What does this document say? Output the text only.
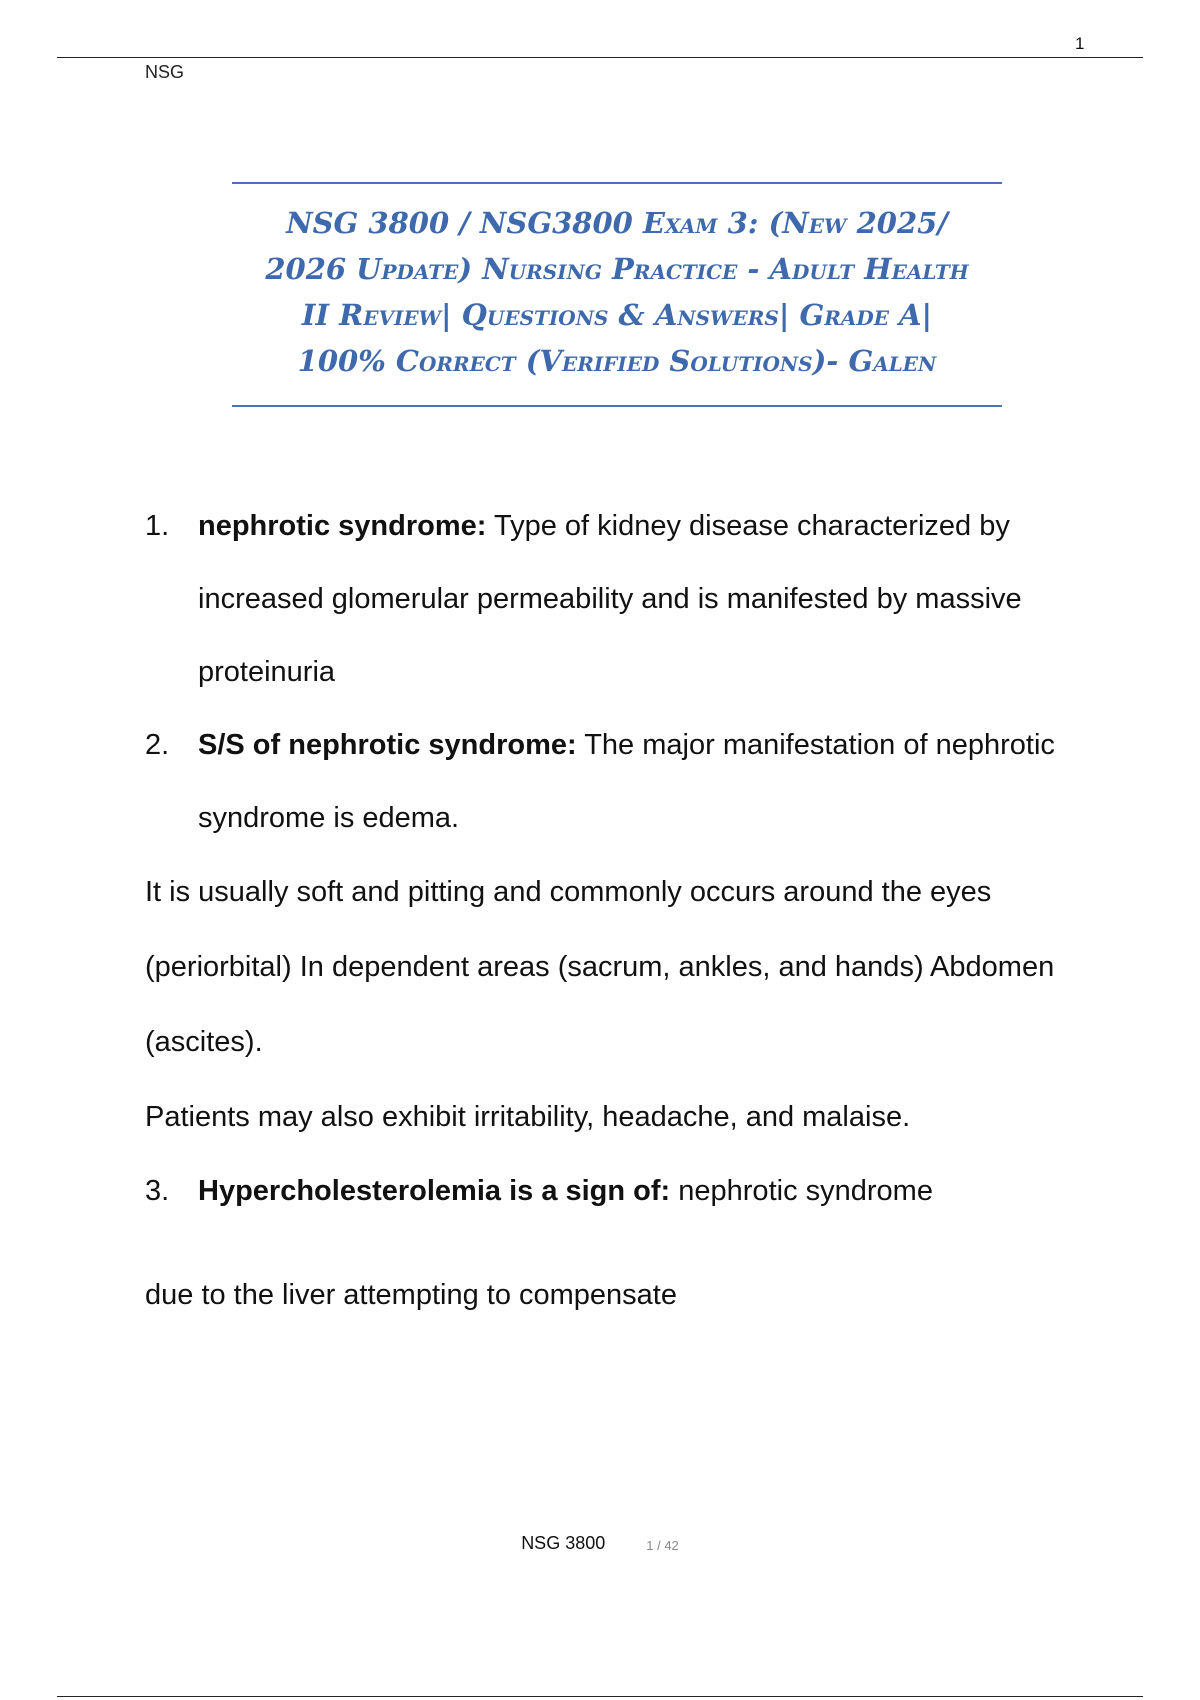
1
NSG
NSG 3800 / NSG3800 Exam 3: (New 2025/
2026 Update) Nursing Practice - Adult Health
II Review| Questions & Answers| Grade A|
100% Correct (Verified Solutions)- Galen
1. nephrotic syndrome: Type of kidney disease characterized by increased glomerular permeability and is manifested by massive proteinuria
2. S/S of nephrotic syndrome: The major manifestation of nephrotic syndrome is edema.
It is usually soft and pitting and commonly occurs around the eyes (periorbital) In dependent areas (sacrum, ankles, and hands) Abdomen (ascites).
Patients may also exhibit irritability, headache, and malaise.
3. Hypercholesterolemia is a sign of: nephrotic syndrome
due to the liver attempting to compensate
NSG 3800	1 / 42
